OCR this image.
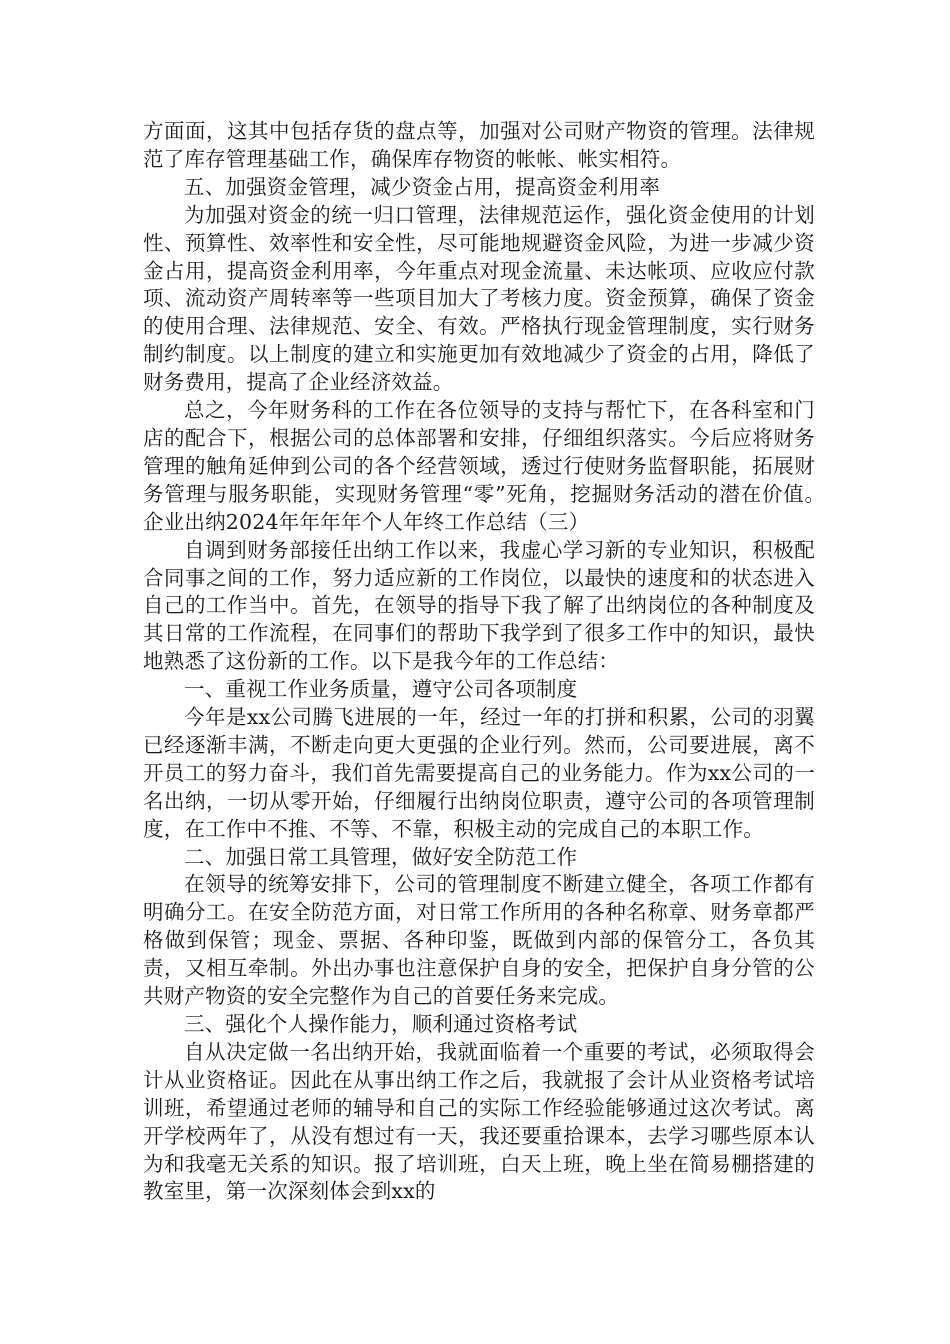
方面面，这其中包括存货的盘点等，加强对公司财产物资的管理。法律规范了库存管理基础工作，确保库存物资的帐帐、帐实相符。

五、加强资金管理，减少资金占用，提高资金利用率

为加强对资金的统一归口管理，法律规范运作，强化资金使用的计划性、预算性、效率性和安全性，尽可能地规避资金风险，为进一步减少资金占用，提高资金利用率，今年重点对现金流量、未达帐项、应收应付款项、流动资产周转率等一些项目加大了考核力度。资金预算，确保了资金的使用合理、法律规范、安全、有效。严格执行现金管理制度，实行财务制约制度。以上制度的建立和实施更加有效地减少了资金的占用，降低了财务费用，提高了企业经济效益。

总之，今年财务科的工作在各位领导的支持与帮忙下，在各科室和门店的配合下，根据公司的总体部署和安排，仔细组织落实。今后应将财务管理的触角延伸到公司的各个经营领域，透过行使财务监督职能，拓展财务管理与服务职能，实现财务管理“零”死角，挖掘财务活动的潜在价值。　　企业出纳2024年年年年个人年终工作总结（三）

自调到财务部接任出纳工作以来，我虚心学习新的专业知识，积极配合同事之间的工作，努力适应新的工作岗位，以最快的速度和的状态进入自己的工作当中。首先，在领导的指导下我了解了出纳岗位的各种制度及其日常的工作流程，在同事们的帮助下我学到了很多工作中的知识，最快地熟悉了这份新的工作。以下是我今年的工作总结：

一、重视工作业务质量，遵守公司各项制度

今年是xx公司腾飞进展的一年，经过一年的打拼和积累，公司的羽翼已经逐渐丰满，不断走向更大更强的企业行列。然而，公司要进展，离不开员工的努力奋斗，我们首先需要提高自己的业务能力。作为xx公司的一名出纳，一切从零开始，仔细履行出纳岗位职责，遵守公司的各项管理制度，在工作中不推、不等、不靠，积极主动的完成自己的本职工作。

二、加强日常工具管理，做好安全防范工作

在领导的统筹安排下，公司的管理制度不断建立健全，各项工作都有明确分工。在安全防范方面，对日常工作所用的各种名称章、财务章都严格做到保管；现金、票据、各种印鉴，既做到内部的保管分工，各负其责，又相互牵制。外出办事也注意保护自身的安全，把保护自身分管的公共财产物资的安全完整作为自己的首要任务来完成。

三、强化个人操作能力，顺利通过资格考试

自从决定做一名出纳开始，我就面临着一个重要的考试，必须取得会计从业资格证。因此在从事出纳工作之后，我就报了会计从业资格考试培训班，希望通过老师的辅导和自己的实际工作经验能够通过这次考试。离开学校两年了，从没有想过有一天，我还要重拾课本，去学习哪些原本认为和我毫无关系的知识。报了培训班，白天上班，晚上坐在简易棚搭建的教室里，第一次深刻体会到xx的
